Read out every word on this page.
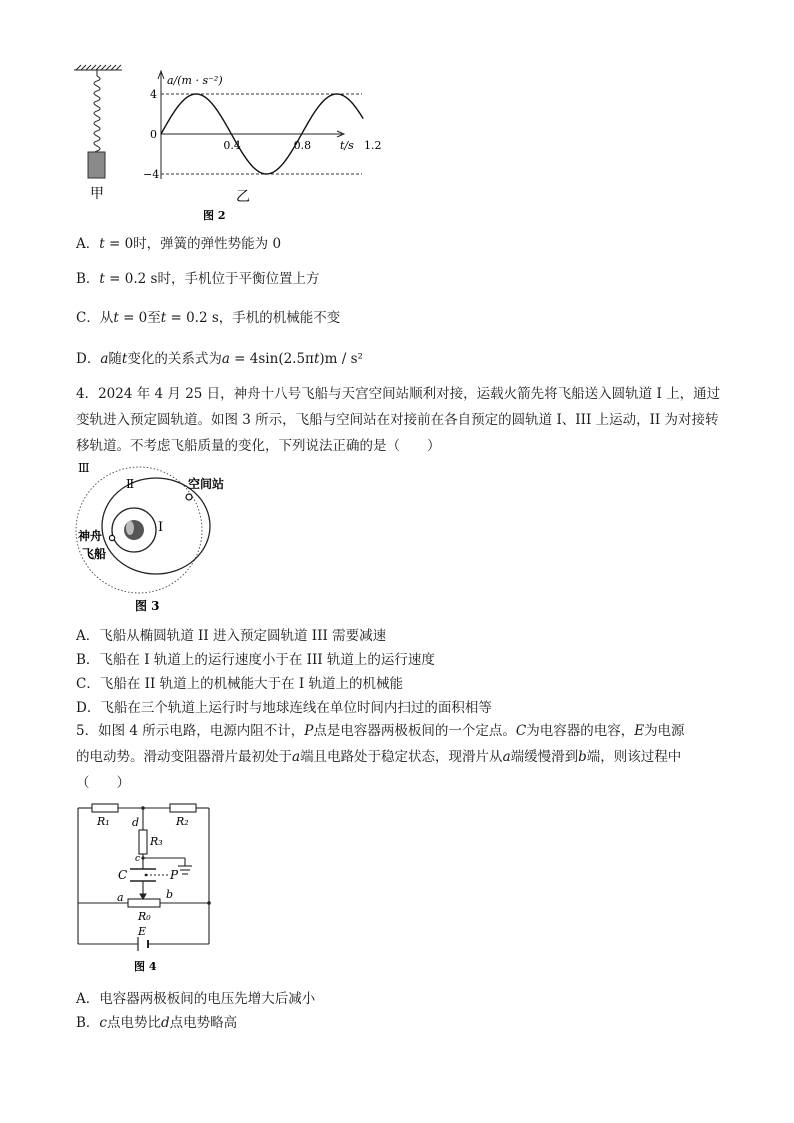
甲
a/(m · s⁻²)
t/s
0.4	0.8	1.2
4
0
−4
乙
图 2
A．t = 0时，弹簧的弹性势能为 0
B．t = 0.2 s时，手机位于平衡位置上方
C．从t = 0至t = 0.2 s，手机的机械能不变
D．a随t变化的关系式为a = 4sin(2.5πt)m / s²
4．2024 年 4 月 25 日，神舟十八号飞船与天宫空间站顺利对接，运载火箭先将飞船送入圆轨道 I 上，通过
变轨进入预定圆轨道。如图 3 所示，飞船与空间站在对接前在各自预定的圆轨道 I、III 上运动，II 为对接转
移轨道。不考虑飞船质量的变化，下列说法正确的是（　　）
Ⅲ
Ⅱ
Ⅰ
空间站
神舟
飞船
图 3
A．飞船从椭圆轨道 II 进入预定圆轨道 III 需要减速
B．飞船在 I 轨道上的运行速度小于在 III 轨道上的运行速度
C．飞船在 II 轨道上的机械能大于在 I 轨道上的机械能
D．飞船在三个轨道上运行时与地球连线在单位时间内扫过的面积相等
5．如图 4 所示电路，电源内阻不计，P点是电容器两极板间的一个定点。C为电容器的电容，E为电源
的电动势。滑动变阻器滑片最初处于a端且电路处于稳定状态，现滑片从a端缓慢滑到b端，则该过程中
（　　）
R₁	R₂
R₃
R₀
d
c
C	P
a	b
E
图 4
A．电容器两极板间的电压先增大后减小
B．c点电势比d点电势略高
